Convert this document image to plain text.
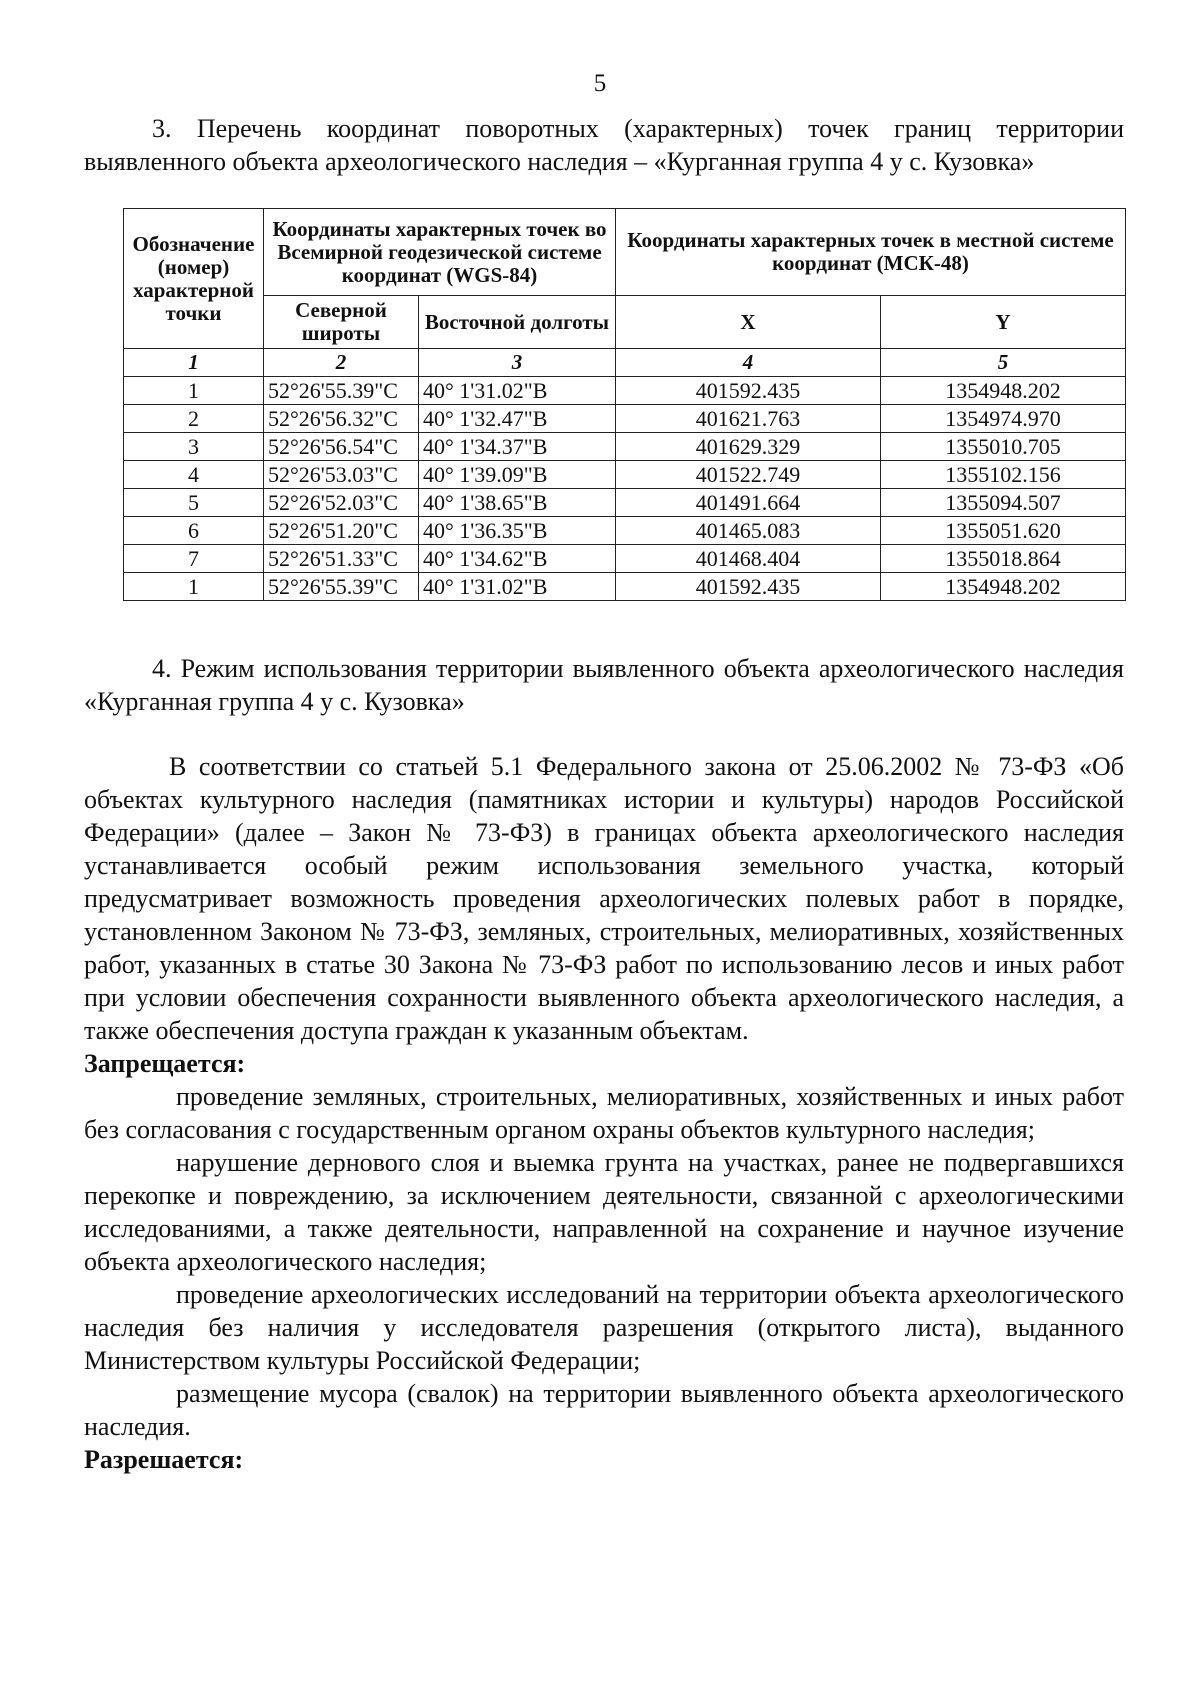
5
3. Перечень координат поворотных (характерных) точек границ территории выявленного объекта археологического наследия – «Курганная группа 4 у с. Кузовка»
Обозначение (номер) характерной точки	Координаты характерных точек во Всемирной геодезической системе координат (WGS-84)		Координаты характерных точек в местной системе координат (МСК-48)	
	Северной широты	Восточной долготы	X	Y
1	2	3	4	5
1	52°26'55.39"С	40° 1'31.02"В	401592.435	1354948.202
2	52°26'56.32"С	40° 1'32.47"В	401621.763	1354974.970
3	52°26'56.54"С	40° 1'34.37"В	401629.329	1355010.705
4	52°26'53.03"С	40° 1'39.09"В	401522.749	1355102.156
5	52°26'52.03"С	40° 1'38.65"В	401491.664	1355094.507
6	52°26'51.20"С	40° 1'36.35"В	401465.083	1355051.620
7	52°26'51.33"С	40° 1'34.62"В	401468.404	1355018.864
1	52°26'55.39"С	40° 1'31.02"В	401592.435	1354948.202
4. Режим использования территории выявленного объекта археологического наследия «Курганная группа 4 у с. Кузовка»

В соответствии со статьей 5.1 Федерального закона от 25.06.2002 № 73-ФЗ «Об объектах культурного наследия (памятниках истории и культуры) народов Российской Федерации» (далее – Закон № 73-ФЗ) в границах объекта археологического наследия устанавливается особый режим использования земельного участка, который предусматривает возможность проведения археологических полевых работ в порядке, установленном Законом № 73-ФЗ, земляных, строительных, мелиоративных, хозяйственных работ, указанных в статье 30 Закона № 73-ФЗ работ по использованию лесов и иных работ при условии обеспечения сохранности выявленного объекта археологического наследия, а также обеспечения доступа граждан к указанным объектам.

Запрещается:

проведение земляных, строительных, мелиоративных, хозяйственных и иных работ без согласования с государственным органом охраны объектов культурного наследия;

нарушение дернового слоя и выемка грунта на участках, ранее не подвергавшихся перекопке и повреждению, за исключением деятельности, связанной с археологическими исследованиями, а также деятельности, направленной на сохранение и научное изучение объекта археологического наследия;

проведение археологических исследований на территории объекта археологического наследия без наличия у исследователя разрешения (открытого листа), выданного Министерством культуры Российской Федерации;

размещение мусора (свалок) на территории выявленного объекта археологического наследия.

Разрешается:
